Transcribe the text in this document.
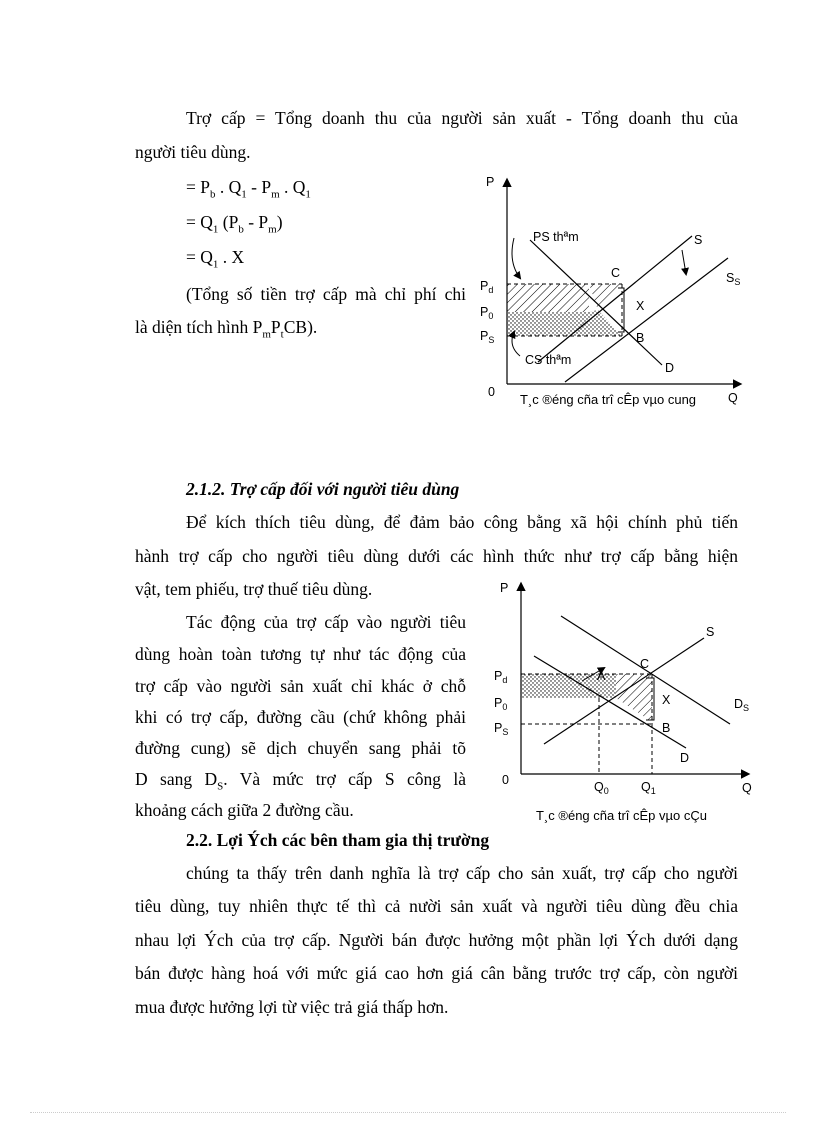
Trợ cấp = Tổng doanh thu của người sản xuất - Tổng doanh thu của
người tiêu dùng.
= $P_b$ . $Q_1 - P_m$ . $Q_1$
= $Q_1$ $(P_b - P_m)$
= $Q_1$ . X
(Tổng số tiền trợ cấp mà chỉ phí chi
là diện tích hình $P_mP_tCB$).
P
Q
0
$P_d$
$P_0$
$P_S$
PS thªm
CS thªm
S
$S_S$
D
C
B
X
T¸c ®éng cña trî cÊp vµo cung
2.1.2. Trợ cấp đối với người tiêu dùng
Để kích thích tiêu dùng, để đảm bảo công bằng xã hội chính phủ tiến
hành trợ cấp cho người tiêu dùng dưới các hình thức như trợ cấp bằng hiện
vật, tem phiếu, trợ thuế tiêu dùng.
Tác động của trợ cấp vào người tiêu
dùng hoàn toàn tương tự như tác động của
trợ cấp vào người sản xuất chỉ khác ở chỗ
khi có trợ cấp, đường cầu (chứ không phải
đường cung) sẽ dịch chuyển sang phải tõ
D sang $D_S$. Và mức trợ cấp S công là
khoảng cách giữa 2 đường cầu.
P
Q
0
$P_d$
$P_0$
$P_S$
S
$D_S$
D
A
C
B
X
$Q_0$	$Q_1$
T¸c ®éng cña trî cÊp vµo cÇu
2.2. Lợi Ých các bên tham gia thị trường
chúng ta thấy trên danh nghĩa là trợ cấp cho sản xuất, trợ cấp cho người
tiêu dùng, tuy nhiên thực tế thì cả nười sản xuất và người tiêu dùng đều chia
nhau lợi Ých của trợ cấp. Người bán được hưởng một phần lợi Ých dưới dạng
bán được hàng hoá với mức giá cao hơn giá cân bằng trước trợ cấp, còn người
mua được hưởng lợi từ việc trả giá thấp hơn.
